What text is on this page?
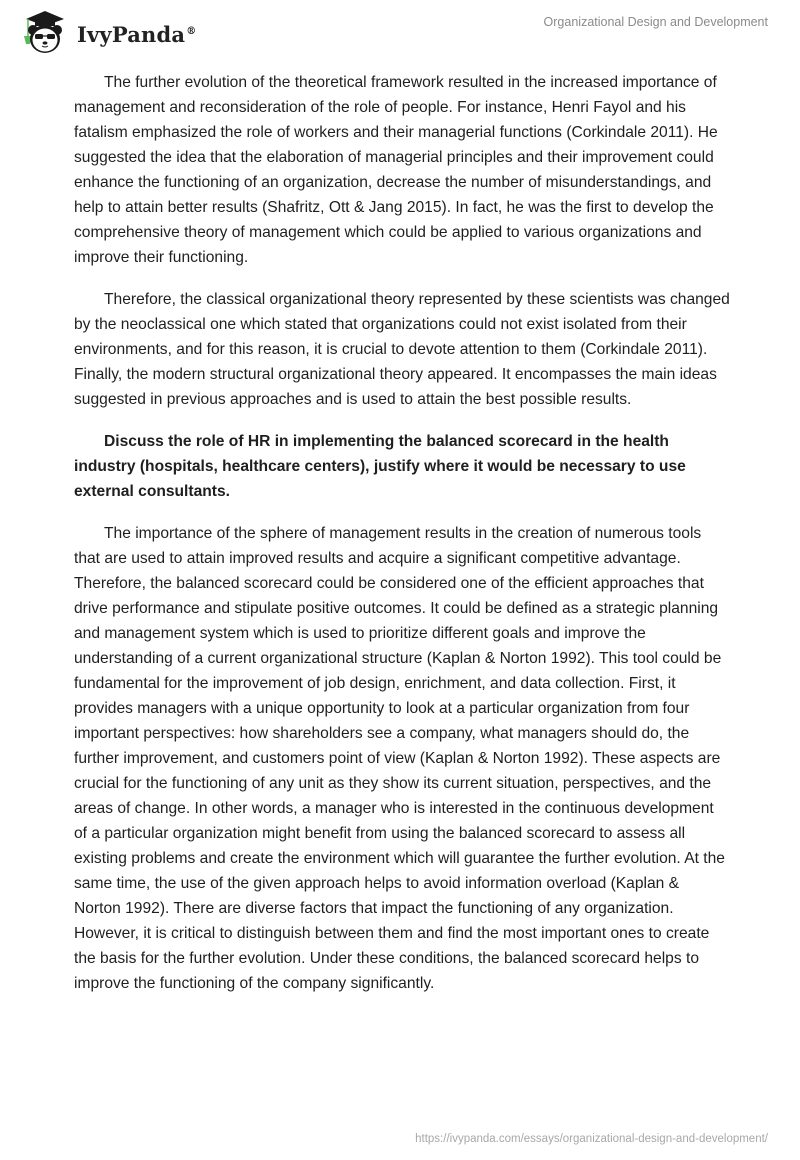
IvyPanda®
Organizational Design and Development

The further evolution of the theoretical framework resulted in the increased importance of management and reconsideration of the role of people. For instance, Henri Fayol and his fatalism emphasized the role of workers and their managerial functions (Corkindale 2011). He suggested the idea that the elaboration of managerial principles and their improvement could enhance the functioning of an organization, decrease the number of misunderstandings, and help to attain better results (Shafritz, Ott & Jang 2015). In fact, he was the first to develop the comprehensive theory of management which could be applied to various organizations and improve their functioning.

Therefore, the classical organizational theory represented by these scientists was changed by the neoclassical one which stated that organizations could not exist isolated from their environments, and for this reason, it is crucial to devote attention to them (Corkindale 2011). Finally, the modern structural organizational theory appeared. It encompasses the main ideas suggested in previous approaches and is used to attain the best possible results.

Discuss the role of HR in implementing the balanced scorecard in the health industry (hospitals, healthcare centers), justify where it would be necessary to use external consultants.

The importance of the sphere of management results in the creation of numerous tools that are used to attain improved results and acquire a significant competitive advantage. Therefore, the balanced scorecard could be considered one of the efficient approaches that drive performance and stipulate positive outcomes. It could be defined as a strategic planning and management system which is used to prioritize different goals and improve the understanding of a current organizational structure (Kaplan & Norton 1992). This tool could be fundamental for the improvement of job design, enrichment, and data collection. First, it provides managers with a unique opportunity to look at a particular organization from four important perspectives: how shareholders see a company, what managers should do, the further improvement, and customers point of view (Kaplan & Norton 1992). These aspects are crucial for the functioning of any unit as they show its current situation, perspectives, and the areas of change. In other words, a manager who is interested in the continuous development of a particular organization might benefit from using the balanced scorecard to assess all existing problems and create the environment which will guarantee the further evolution. At the same time, the use of the given approach helps to avoid information overload (Kaplan & Norton 1992). There are diverse factors that impact the functioning of any organization. However, it is critical to distinguish between them and find the most important ones to create the basis for the further evolution. Under these conditions, the balanced scorecard helps to improve the functioning of the company significantly.

https://ivypanda.com/essays/organizational-design-and-development/
